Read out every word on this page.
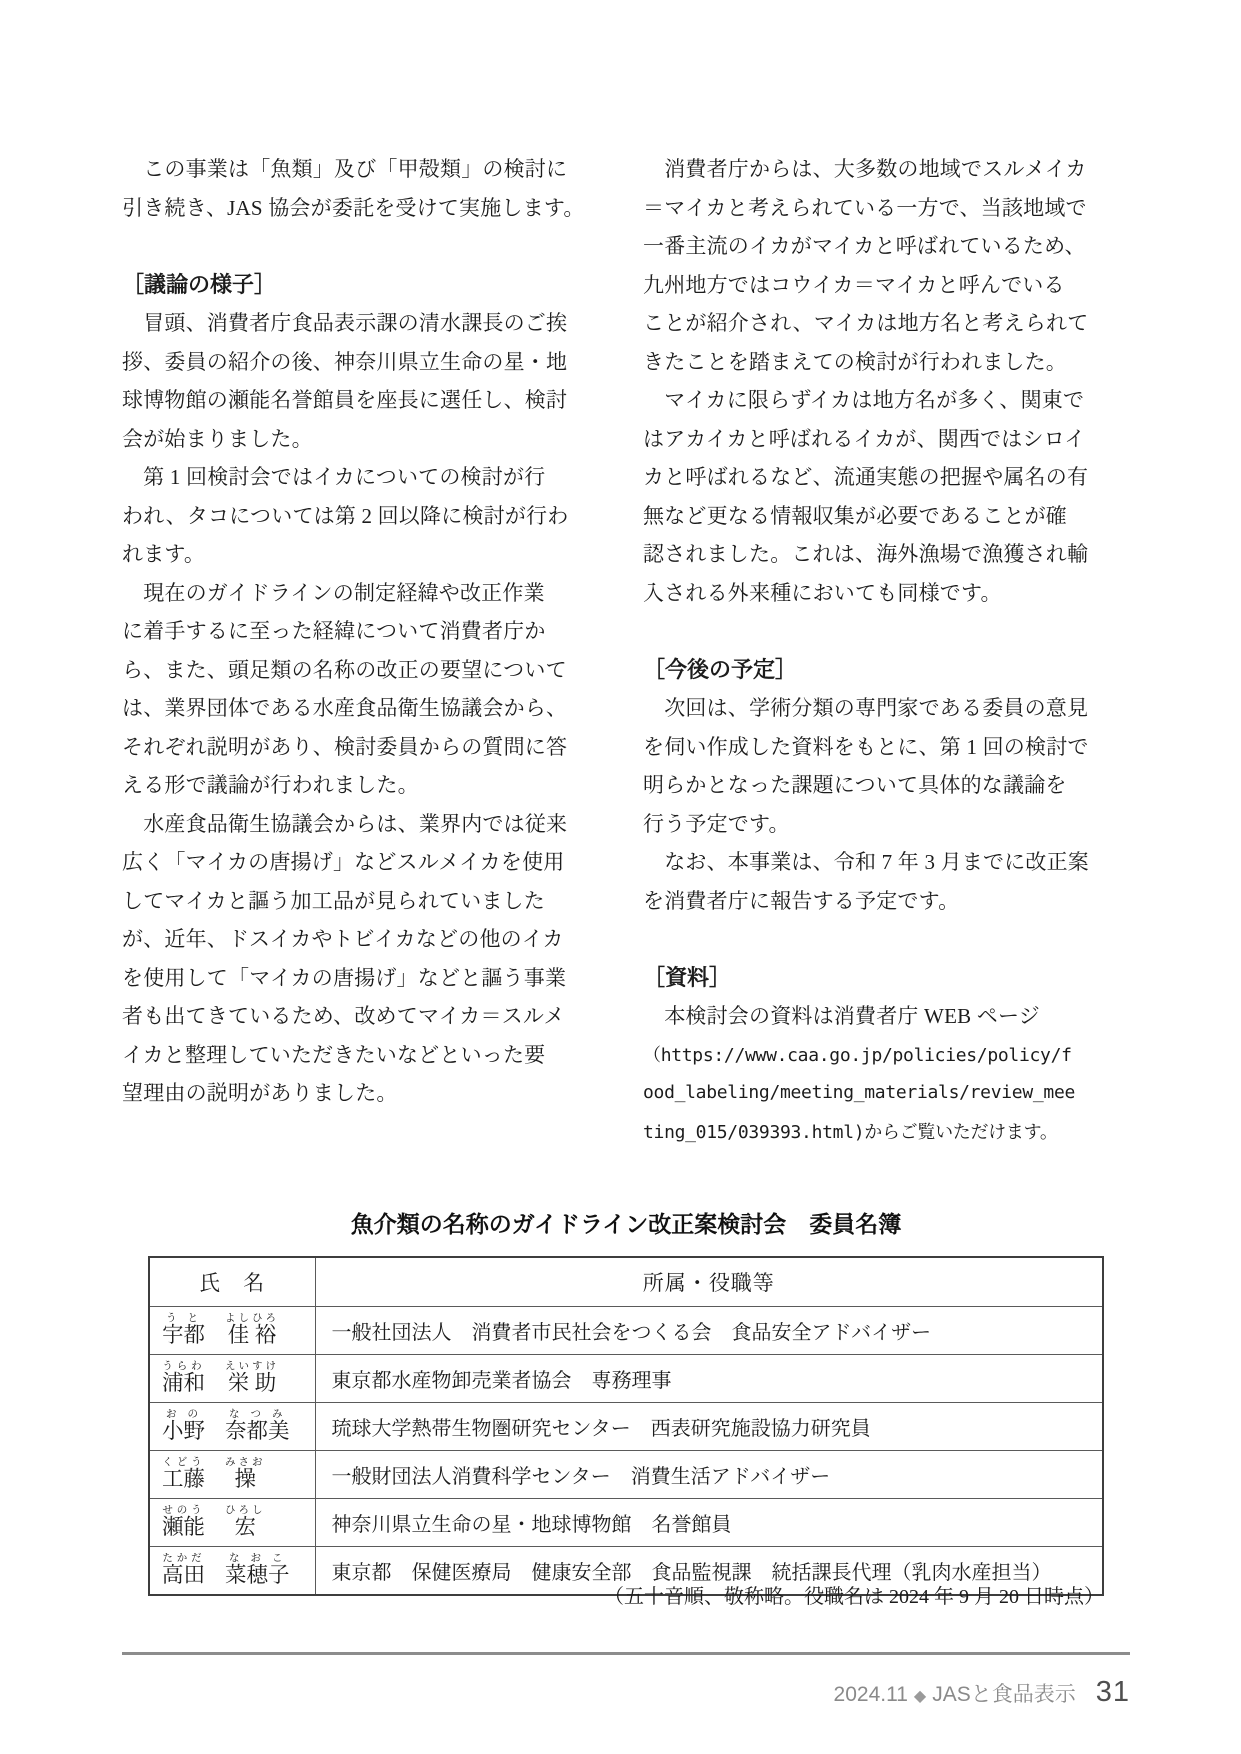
　この事業は「魚類」及び「甲殻類」の検討に
引き続き、JAS 協会が委託を受けて実施します。
［議論の様子］
　冒頭、消費者庁食品表示課の清水課長のご挨
拶、委員の紹介の後、神奈川県立生命の星・地
球博物館の瀬能名誉館員を座長に選任し、検討
会が始まりました。
　第 1 回検討会ではイカについての検討が行
われ、タコについては第 2 回以降に検討が行わ
れます。
　現在のガイドラインの制定経緯や改正作業
に着手するに至った経緯について消費者庁か
ら、また、頭足類の名称の改正の要望について
は、業界団体である水産食品衛生協議会から、
それぞれ説明があり、検討委員からの質問に答
える形で議論が行われました。
　水産食品衛生協議会からは、業界内では従来
広く「マイカの唐揚げ」などスルメイカを使用
してマイカと謳う加工品が見られていました
が、近年、ドスイカやトビイカなどの他のイカ
を使用して「マイカの唐揚げ」などと謳う事業
者も出てきているため、改めてマイカ＝スルメ
イカと整理していただきたいなどといった要
望理由の説明がありました。
　消費者庁からは、大多数の地域でスルメイカ
＝マイカと考えられている一方で、当該地域で
一番主流のイカがマイカと呼ばれているため、
九州地方ではコウイカ＝マイカと呼んでいる
ことが紹介され、マイカは地方名と考えられて
きたことを踏まえての検討が行われました。
　マイカに限らずイカは地方名が多く、関東で
はアカイカと呼ばれるイカが、関西ではシロイ
カと呼ばれるなど、流通実態の把握や属名の有
無など更なる情報収集が必要であることが確
認されました。これは、海外漁場で漁獲され輸
入される外来種においても同様です。
［今後の予定］
　次回は、学術分類の専門家である委員の意見
を伺い作成した資料をもとに、第 1 回の検討で
明らかとなった課題について具体的な議論を
行う予定です。
　なお、本事業は、令和 7 年 3 月までに改正案
を消費者庁に報告する予定です。
［資料］
　本検討会の資料は消費者庁 WEB ページ
（https://www.caa.go.jp/policies/policy/f
ood_labeling/meeting_materials/review_mee
ting_015/039393.html)からご覧いただけます。
魚介類の名称のガイドライン改正案検討会　委員名簿
氏　名	所属・役職等
宇都うと佳裕よしひろ	一般社団法人　消費者市民社会をつくる会　食品安全アドバイザー
浦和うらわ栄助えいすけ	東京都水産物卸売業者協会　専務理事
小野おの奈都美なつみ	琉球大学熱帯生物圏研究センター　西表研究施設協力研究員
工藤くどう操みさお	一般財団法人消費科学センター　消費生活アドバイザー
瀬能せのう宏ひろし	神奈川県立生命の星・地球博物館　名誉館員
高田たかだ菜穂子なおこ	東京都　保健医療局　健康安全部　食品監視課　統括課長代理（乳肉水産担当）
（五十音順、敬称略。役職名は 2024 年 9 月 20 日時点）
2024.11 ◆ JASと食品表示 31
